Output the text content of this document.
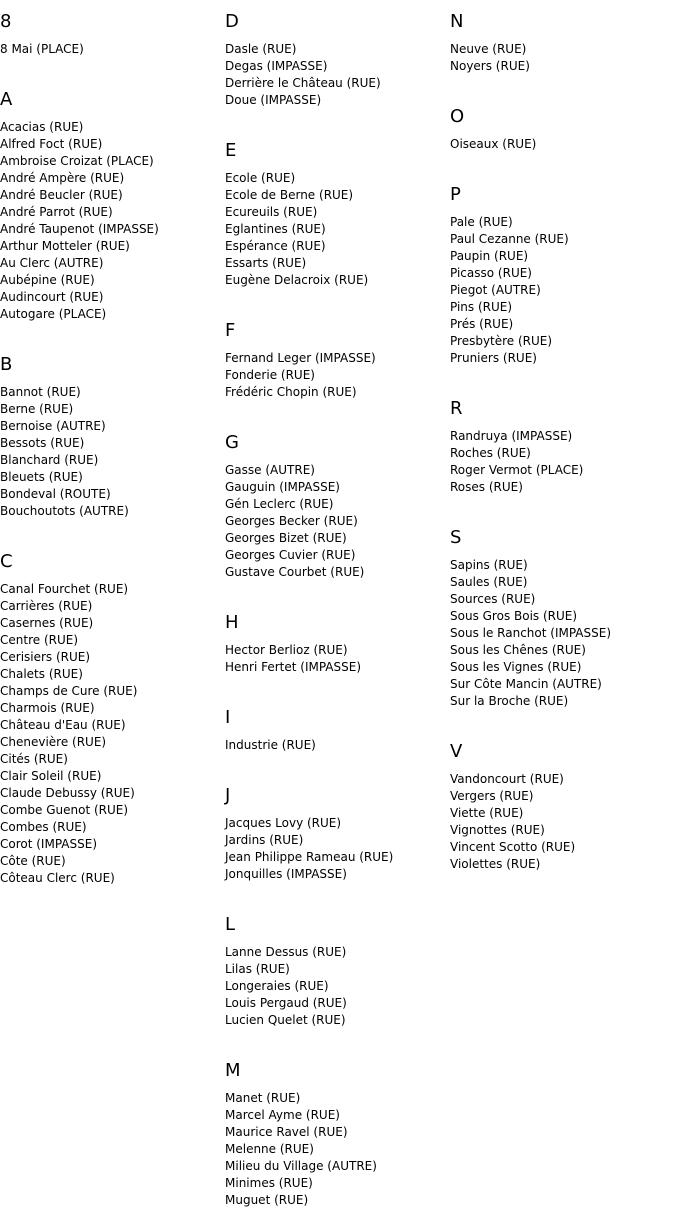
8
8 Mai (PLACE)
A
Acacias (RUE)
Alfred Foct (RUE)
Ambroise Croizat (PLACE)
André Ampère (RUE)
André Beucler (RUE)
André Parrot (RUE)
André Taupenot (IMPASSE)
Arthur Motteler (RUE)
Au Clerc (AUTRE)
Aubépine (RUE)
Audincourt (RUE)
Autogare (PLACE)
B
Bannot (RUE)
Berne (RUE)
Bernoise (AUTRE)
Bessots (RUE)
Blanchard (RUE)
Bleuets (RUE)
Bondeval (ROUTE)
Bouchoutots (AUTRE)
C
Canal Fourchet (RUE)
Carrières (RUE)
Casernes (RUE)
Centre (RUE)
Cerisiers (RUE)
Chalets (RUE)
Champs de Cure (RUE)
Charmois (RUE)
Château d'Eau (RUE)
Chenevière (RUE)
Cités (RUE)
Clair Soleil (RUE)
Claude Debussy (RUE)
Combe Guenot (RUE)
Combes (RUE)
Corot (IMPASSE)
Côte (RUE)
Côteau Clerc (RUE)
D
Dasle (RUE)
Degas (IMPASSE)
Derrière le Château (RUE)
Doue (IMPASSE)
E
Ecole (RUE)
Ecole de Berne (RUE)
Ecureuils (RUE)
Eglantines (RUE)
Espérance (RUE)
Essarts (RUE)
Eugène Delacroix (RUE)
F
Fernand Leger (IMPASSE)
Fonderie (RUE)
Frédéric Chopin (RUE)
G
Gasse (AUTRE)
Gauguin (IMPASSE)
Gén Leclerc (RUE)
Georges Becker (RUE)
Georges Bizet (RUE)
Georges Cuvier (RUE)
Gustave Courbet (RUE)
H
Hector Berlioz (RUE)
Henri Fertet (IMPASSE)
I
Industrie (RUE)
J
Jacques Lovy (RUE)
Jardins (RUE)
Jean Philippe Rameau (RUE)
Jonquilles (IMPASSE)
L
Lanne Dessus (RUE)
Lilas (RUE)
Longeraies (RUE)
Louis Pergaud (RUE)
Lucien Quelet (RUE)
M
Manet (RUE)
Marcel Ayme (RUE)
Maurice Ravel (RUE)
Melenne (RUE)
Milieu du Village (AUTRE)
Minimes (RUE)
Muguet (RUE)
N
Neuve (RUE)
Noyers (RUE)
O
Oiseaux (RUE)
P
Pale (RUE)
Paul Cezanne (RUE)
Paupin (RUE)
Picasso (RUE)
Piegot (AUTRE)
Pins (RUE)
Prés (RUE)
Presbytère (RUE)
Pruniers (RUE)
R
Randruya (IMPASSE)
Roches (RUE)
Roger Vermot (PLACE)
Roses (RUE)
S
Sapins (RUE)
Saules (RUE)
Sources (RUE)
Sous Gros Bois (RUE)
Sous le Ranchot (IMPASSE)
Sous les Chênes (RUE)
Sous les Vignes (RUE)
Sur Côte Mancin (AUTRE)
Sur la Broche (RUE)
V
Vandoncourt (RUE)
Vergers (RUE)
Viette (RUE)
Vignottes (RUE)
Vincent Scotto (RUE)
Violettes (RUE)
